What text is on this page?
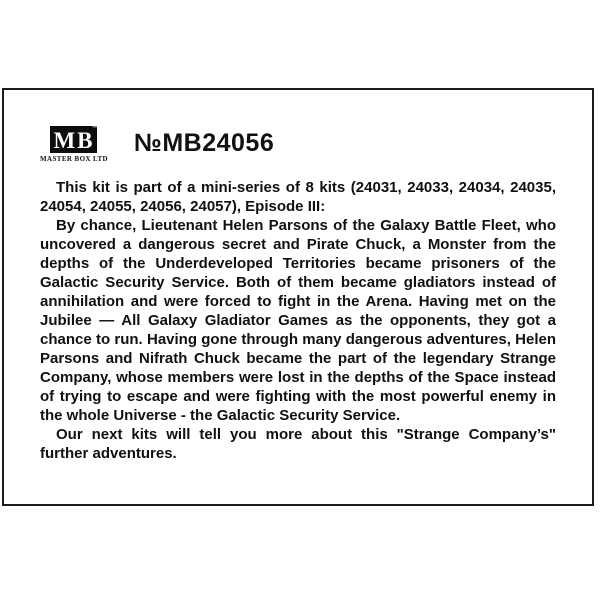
MB
™
MASTER BOX LTD
№MB24056

This kit is part of a mini-series of 8 kits (24031, 24033, 24034, 24035, 24054, 24055, 24056, 24057), Episode III:

By chance, Lieutenant Helen Parsons of the Galaxy Battle Fleet, who uncovered a dangerous secret and Pirate Chuck, a Monster from the depths of the Underdeveloped Territories became prisoners of the Galactic Security Service. Both of them became gladiators instead of annihilation and were forced to fight in the Arena. Having met on the Jubilee — All Galaxy Gladiator Games as the opponents, they got a chance to run. Having gone through many dangerous adventures, Helen Parsons and Nifrath Chuck became the part of the legendary Strange Company, whose members were lost in the depths of the Space instead of trying to escape and were fighting with the most powerful enemy in the whole Universe - the Galactic Security Service.

Our next kits will tell you more about this "Strange Company’s" further adventures.
